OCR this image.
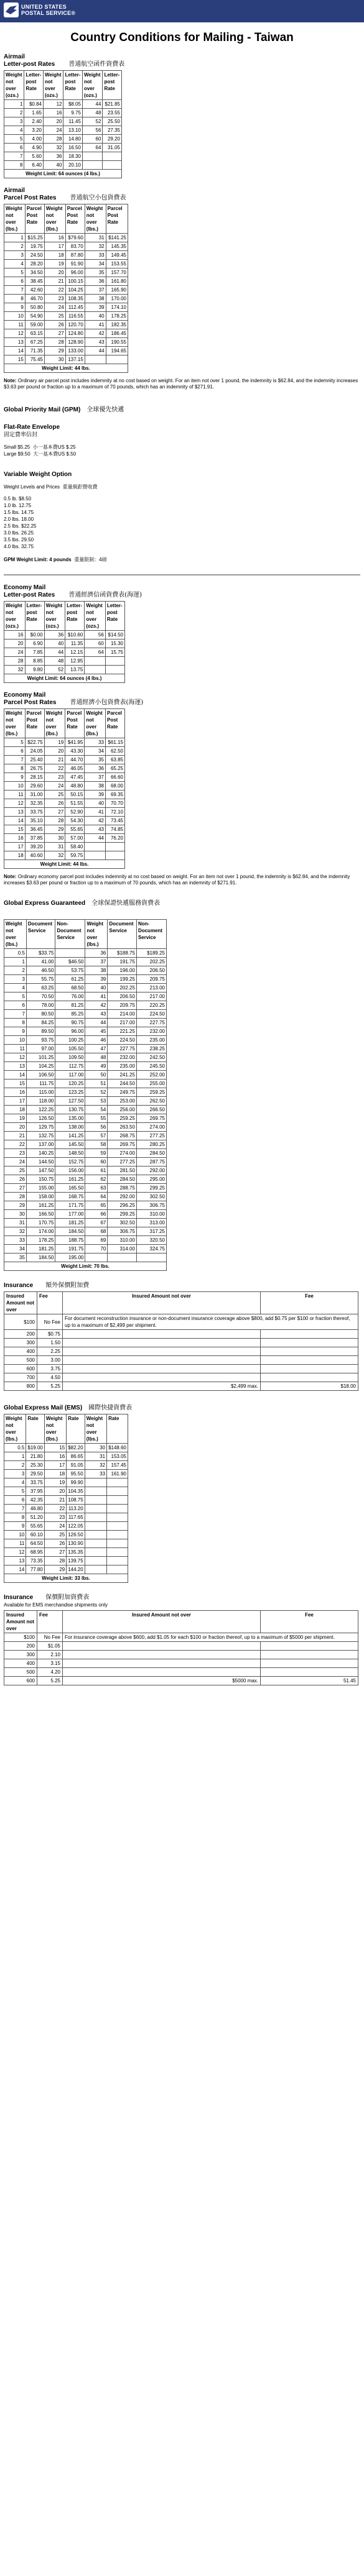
UNITED STATES
POSTAL SERVICE®
Country Conditions for Mailing - Taiwan
Airmail
Letter-post Rates 普通航空函件資費表
Weight not over (ozs.)	Letter-post Rate	Weight not over (ozs.)	Letter-post Rate	Weight not over (ozs.)	Letter-post Rate
1	$0.84	12	$8.05	44	$21.85
2	1.65	16	9.75	48	23.55
3	2.40	20	11.45	52	25.50
4	3.20	24	13.10	56	27.35
5	4.00	28	14.80	60	29.20
6	4.90	32	16.50	64	31.05
7	5.60	36	18.30		
8	6.40	40	20.10		
Weight Limit: 64 ounces (4 lbs.)					
Airmail
Parcel Post Rates 普通航空小包資費表
Weight not over (lbs.)	Parcel Post Rate	Weight not over (lbs.)	Parcel Post Rate	Weight not over (lbs.)	Parcel Post Rate
1	$15.25	16	$79.60	31	$141.25
2	19.75	17	83.70	32	145.35
3	24.50	18	87.80	33	149.45
4	28.20	19	91.90	34	153.55
5	34.50	20	96.00	35	157.70
6	38.45	21	100.15	36	161.80
7	42.60	22	104.25	37	165.90
8	46.70	23	108.35	38	170.00
9	50.80	24	112.45	39	174.10
10	54.90	25	116.55	40	178.25
11	59.00	26	120.70	41	182.35
12	63.15	27	124.80	42	186.45
13	67.25	28	128.90	43	190.55
14	71.35	29	133.00	44	194.65
15	75.45	30	137.15		
Weight Limit: 44 lbs.					
Note: Ordinary air parcel post includes indemnity at no cost based on weight. For an item not over 1 pound, the indemnity is $62.84, and the indemnity increases $3.63 per pound or fraction up to a maximum of 70 pounds, which has an indemnity of $271.91.
Global Priority Mail (GPM) 全球優先快遞
Flat-Rate Envelope
固定費率信封
Small $5.25 小一基本費US $.25
Large $9.50 大一基本費US $.50
Variable Weight Option
Weight Levels and Prices 重量級距暨收費
0.5 lb. $8.50
1.0 lb. 12.75
1.5 lbs. 14.75
2.0 lbs. 18.00
2.5 lbs. $22.25
3.0 lbs. 26.25
3.5 lbs. 29.50
4.0 lbs. 32.75
GPM Weight Limit: 4 pounds 重量限制：4磅
Economy Mail
Letter-post Rates 普通經濟信函資費表(海運)
Weight not over (ozs.)	Letter-post Rate	Weight not over (ozs.)	Letter-post Rate	Weight not over (ozs.)	Letter-post Rate
16	$0.00	36	$10.60	56	$14.50
20	6.90	40	11.35	60	15.30
24	7.85	44	12.15	64	15.75
28	8.85	48	12.95		
32	9.80	52	13.75		
Weight Limit: 64 ounces (4 lbs.)					
Economy Mail
Parcel Post Rates 普通經濟小包資費表(海運)
Weight not over (lbs.)	Parcel Post Rate	Weight not over (lbs.)	Parcel Post Rate	Weight not over (lbs.)	Parcel Post Rate
5	$22.75	19	$41.95	33	$61.15
6	24.05	20	43.30	34	62.50
7	25.40	21	44.70	35	63.85
8	26.75	22	46.05	36	65.25
9	28.15	23	47.45	37	66.60
10	29.60	24	48.80	38	68.00
11	31.00	25	50.15	39	69.35
12	32.35	26	51.55	40	70.70
13	33.75	27	52.90	41	72.10
14	35.10	28	54.30	42	73.45
15	36.45	29	55.65	43	74.85
16	37.85	30	57.00	44	76.20
17	39.20	31	58.40		
18	40.60	32	59.75		
Weight Limit: 44 lbs.					
Note: Ordinary economy parcel post includes indemnity at no cost based on weight. For an item not over 1 pound, the indemnity is $62.84, and the indemnity increases $3.63 per pound or fraction up to a maximum of 70 pounds, which has an indemnity of $271.91.
Global Express Guaranteed 全球保證快遞服務資費表
Weight not over (lbs.)	Document Service	Non-Document Service	Weight not over (lbs.)	Document Service	Non-Document Service
0.5	$33.75		36	$188.75	$189.25
1	41.00	$46.50	37	191.75	202.25
2	46.50	53.75	38	196.00	206.50
3	55.75	61.25	39	199.25	209.75
4	63.25	68.50	40	202.25	213.00
5	70.50	76.00	41	206.50	217.00
6	78.00	81.25	42	209.75	220.25
7	80.50	85.25	43	214.00	224.50
8	84.25	90.75	44	217.00	227.75
9	89.50	96.00	45	221.25	232.00
10	93.75	100.25	46	224.50	235.00
11	97.00	105.50	47	227.75	238.25
12	101.25	109.50	48	232.00	242.50
13	104.25	112.75	49	235.00	245.50
14	106.50	117.00	50	241.25	252.00
15	111.75	120.25	51	244.50	255.00
16	115.00	123.25	52	249.75	259.25
17	118.00	127.50	53	253.00	262.50
18	122.25	130.75	54	256.00	266.50
19	126.50	135.00	55	259.25	269.75
20	129.75	138.00	56	263.50	274.00
21	132.75	141.25	57	268.75	277.25
22	137.00	145.50	58	269.75	280.25
23	140.25	148.50	59	274.00	284.50
24	144.50	152.75	60	277.25	287.75
25	147.50	156.00	61	281.50	292.00
26	150.75	161.25	62	284.50	295.00
27	155.00	165.50	63	288.75	299.25
28	158.00	168.75	64	292.00	302.50
29	161.25	171.75	65	296.25	306.75
30	166.50	177.00	66	299.25	310.00
31	170.75	181.25	67	302.50	313.00
32	174.00	184.50	68	306.75	317.25
33	178.25	188.75	69	310.00	320.50
34	181.25	191.75	70	314.00	324.75
35	184.50	195.00			
Weight Limit: 70 lbs.					
Insurance 額外保價附加費
Insured Amount not over	Fee	Insured Amount not over	Fee
$100	No Fee	For document reconstruction insurance or non-document insurance coverage above $800, add $0.75 per $100 or fraction thereof, up to a maximum of $2,499 per shipment.	
200	$0.75		
300	1.50		
400	2.25		
500	3.00		
600	3.75		
700	4.50		
800	5.25	$2,499 max.	$18.00
Global Express Mail (EMS) 國際快捷資費表
Weight not over (lbs.)	Rate	Weight not over (lbs.)	Rate	Weight not over (lbs.)	Rate
0.5	$19.00	15	$82.20	30	$148.60
1	21.80	16	86.65	31	153.05
2	25.30	17	91.05	32	157.45
3	29.50	18	95.50	33	161.90
4	33.75	19	99.90		
5	37.95	20	104.35		
6	42.35	21	108.75		
7	46.80	22	113.20		
8	51.20	23	117.65		
9	55.65	24	122.05		
10	60.10	25	126.50		
11	64.50	26	130.90		
12	68.95	27	135.35		
13	73.35	28	139.75		
14	77.80	29	144.20		
Weight Limit: 33 lbs.					
Insurance 保價附加資費表
Available for EMS merchandise shipments only
Insured Amount not over	Fee	Insured Amount not over	Fee
$100	No Fee	For insurance coverage above $600, add $1.05 for each $100 or fraction thereof, up to a maximum of $5000 per shipment.	
200	$1.05		
300	2.10		
400	3.15		
500	4.20		
600	5.25	$5000 max.	51.45
